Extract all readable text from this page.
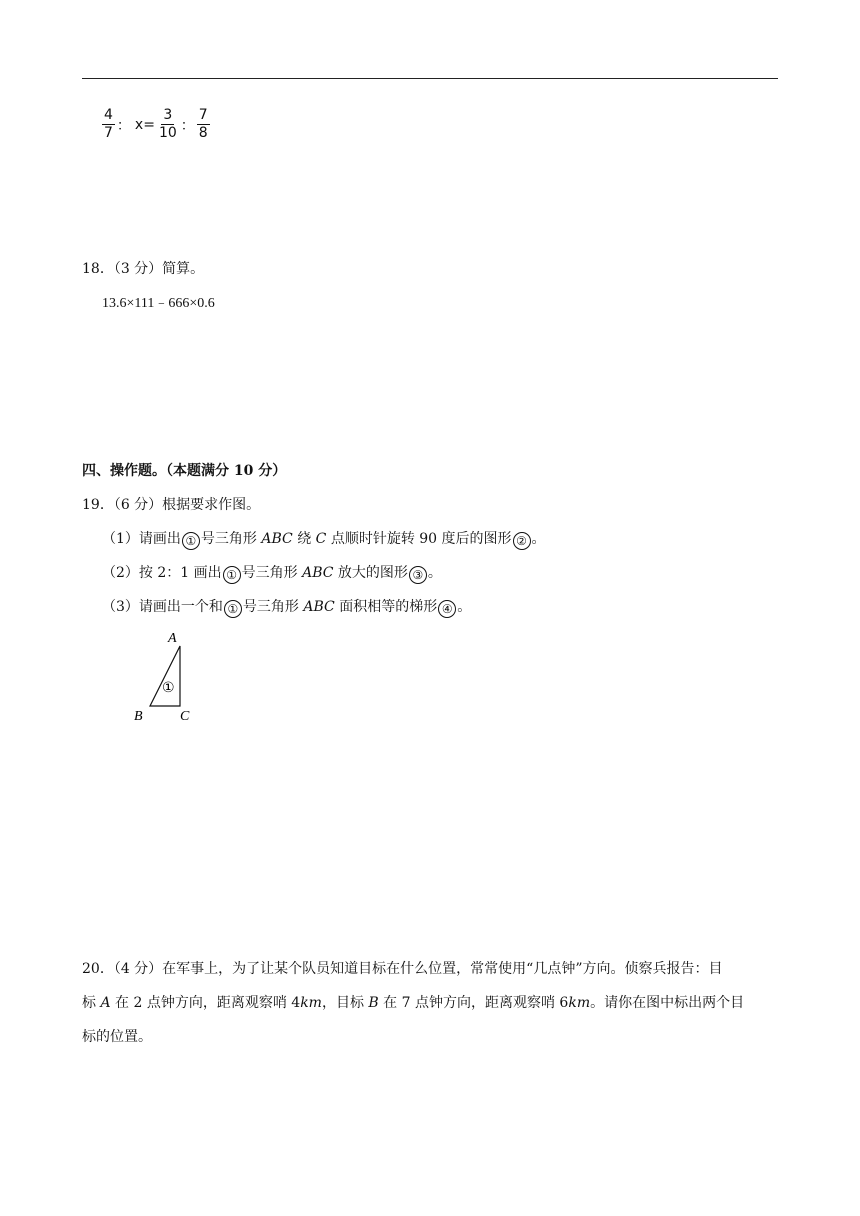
$\frac{4}{7}$ ： $x= \frac{3}{10}$ ： $\frac{7}{8}$
18．（3 分）简算。
13.6×111﹣666×0.6
四、操作题。（本题满分 10 分）
19．（6 分）根据要求作图。
（1）请画出 ① 号三角形 ABC 绕 C 点顺时针旋转 90 度后的图形 ② 。
（2）按 2：1 画出 ① 号三角形 ABC 放大的图形 ③ 。
（3）请画出一个和 ① 号三角形 ABC 面积相等的梯形 ④ 。
A
B	C
①
20．（4 分）在军事上，为了让某个队员知道目标在什么位置，常常使用“几点钟”方向。侦察兵报告：目
标 A 在 2 点钟方向，距离观察哨 4km，目标 B 在 7 点钟方向，距离观察哨 6km。请你在图中标出两个目
标的位置。
